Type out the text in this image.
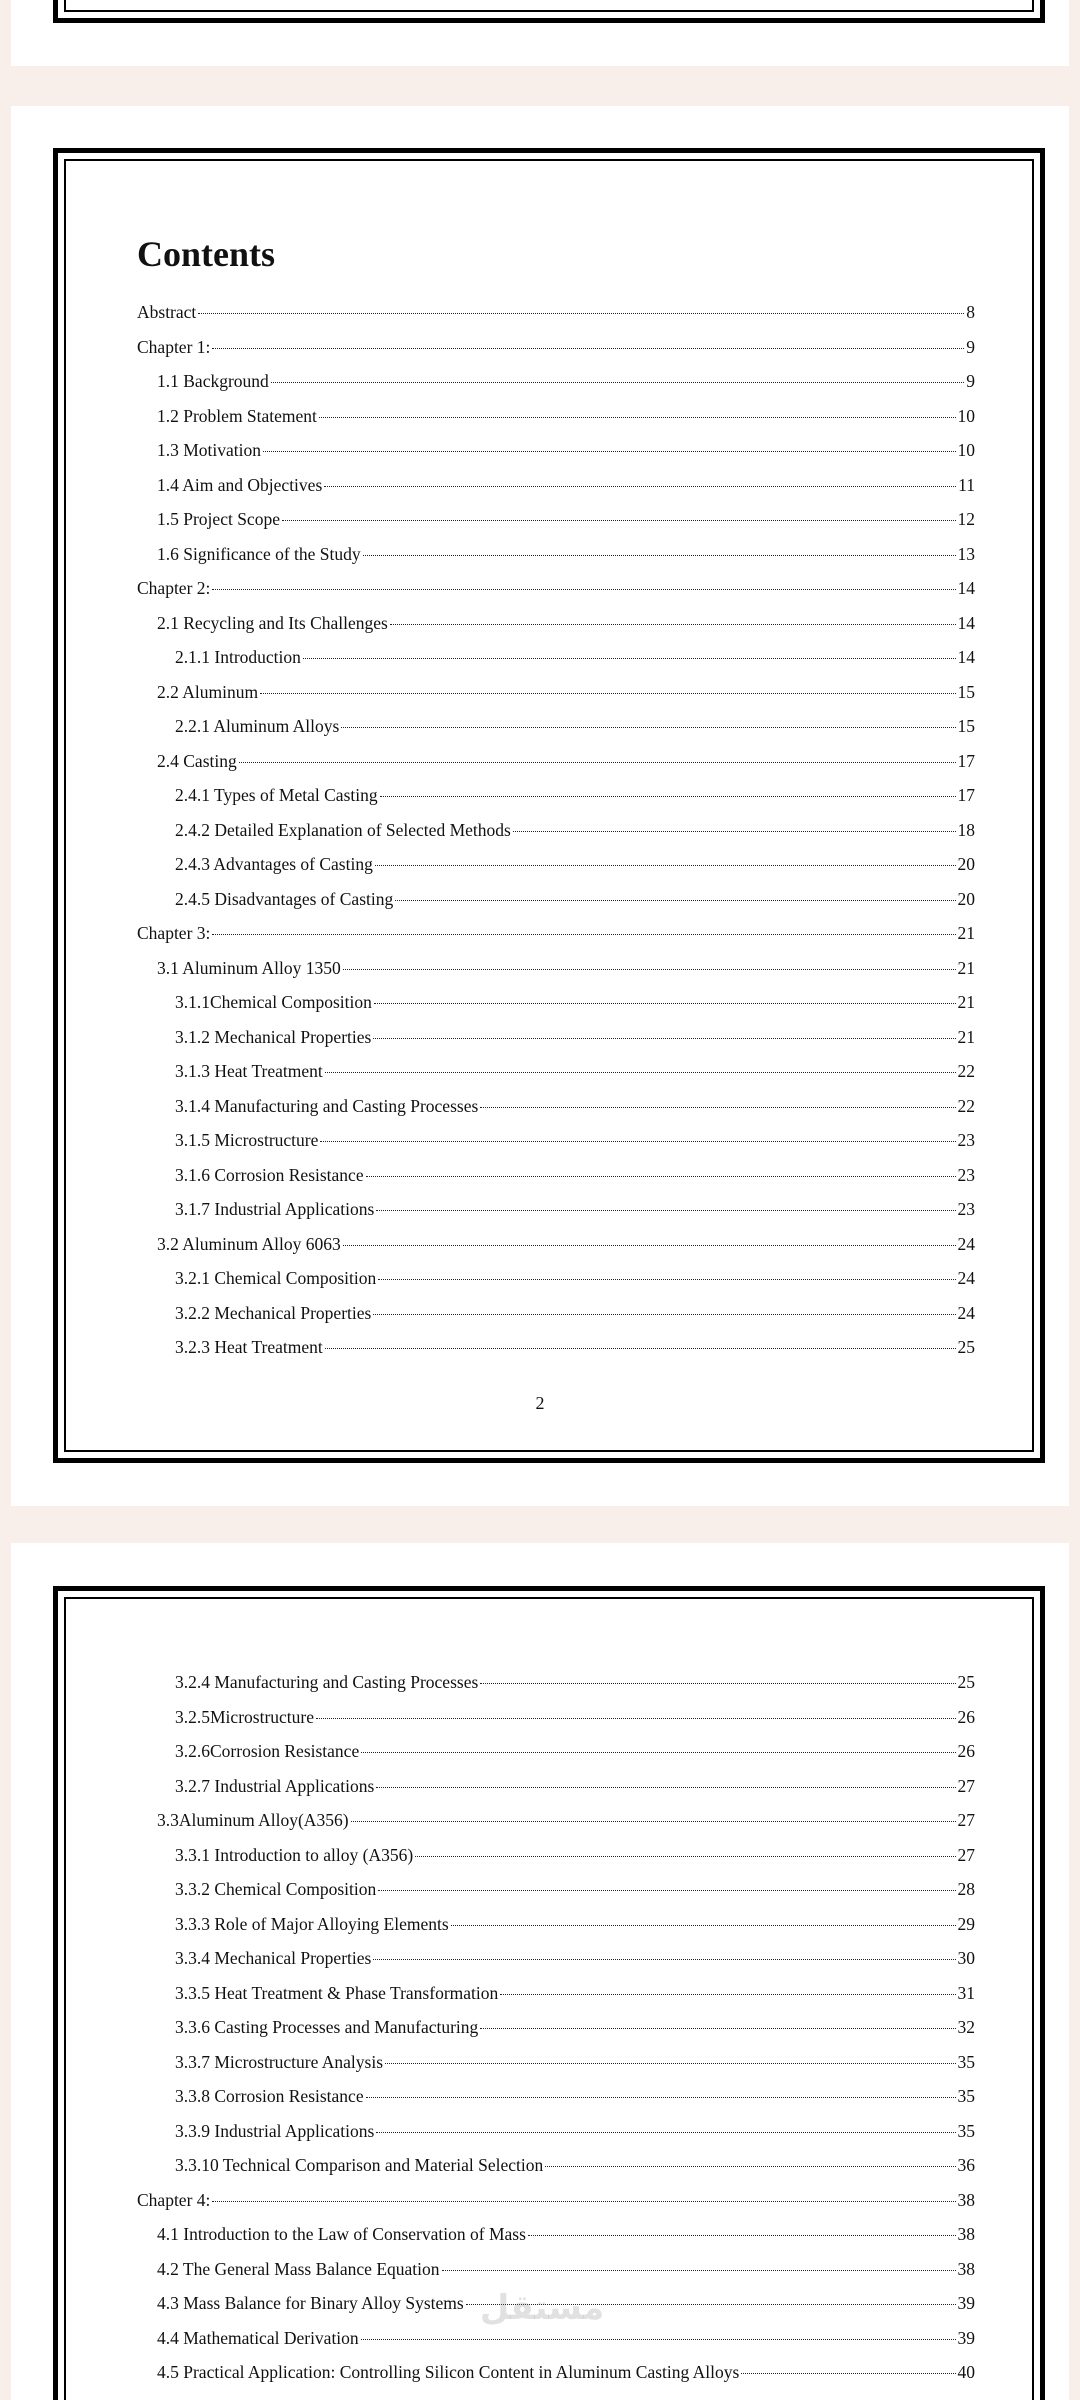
Contents
Abstract	8
Chapter 1:	9
1.1 Background	9
1.2 Problem Statement	10
1.3 Motivation	10
1.4 Aim and Objectives	11
1.5 Project Scope	12
1.6 Significance of the Study	13
Chapter 2:	14
2.1 Recycling and Its Challenges	14
2.1.1 Introduction	14
2.2 Aluminum	15
2.2.1 Aluminum Alloys	15
2.4 Casting	17
2.4.1 Types of Metal Casting	17
2.4.2 Detailed Explanation of Selected Methods	18
2.4.3 Advantages of Casting	20
2.4.5 Disadvantages of Casting	20
Chapter 3:	21
3.1 Aluminum Alloy 1350	21
3.1.1Chemical Composition	21
3.1.2 Mechanical Properties	21
3.1.3 Heat Treatment	22
3.1.4 Manufacturing and Casting Processes	22
3.1.5 Microstructure	23
3.1.6 Corrosion Resistance	23
3.1.7 Industrial Applications	23
3.2 Aluminum Alloy 6063	24
3.2.1 Chemical Composition	24
3.2.2 Mechanical Properties	24
3.2.3 Heat Treatment	25
2
3.2.4 Manufacturing and Casting Processes	25
3.2.5Microstructure	26
3.2.6Corrosion Resistance	26
3.2.7 Industrial Applications	27
3.3Aluminum Alloy(A356)	27
3.3.1 Introduction to alloy (A356)	27
3.3.2 Chemical Composition	28
3.3.3 Role of Major Alloying Elements	29
3.3.4 Mechanical Properties	30
3.3.5 Heat Treatment & Phase Transformation	31
3.3.6 Casting Processes and Manufacturing	32
3.3.7 Microstructure Analysis	35
3.3.8 Corrosion Resistance	35
3.3.9 Industrial Applications	35
3.3.10 Technical Comparison and Material Selection	36
Chapter 4:	38
4.1 Introduction to the Law of Conservation of Mass	38
4.2 The General Mass Balance Equation	38
4.3 Mass Balance for Binary Alloy Systems	39
4.4 Mathematical Derivation	39
4.5 Practical Application: Controlling Silicon Content in Aluminum Casting Alloys	40
مستقل
